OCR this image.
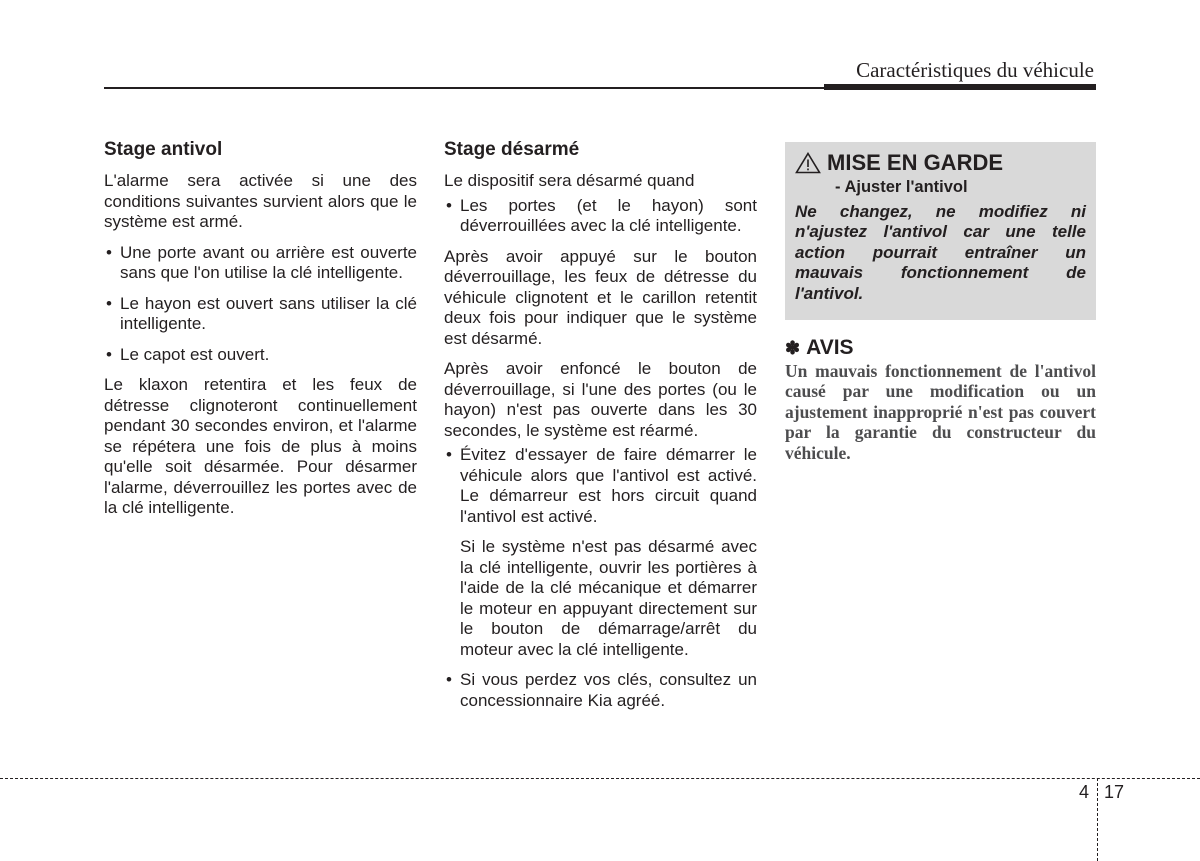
Caractéristiques du véhicule
Stage antivol

L'alarme sera activée si une des conditions suivantes survient alors que le système est armé.

• Une porte avant ou arrière est ouverte sans que l'on utilise la clé intelligente.
• Le hayon est ouvert sans utiliser la clé intelligente.
• Le capot est ouvert.

Le klaxon retentira et les feux de détresse clignoteront continuellement pendant 30 secondes environ, et l'alarme se répétera une fois de plus à moins qu'elle soit désarmée. Pour désarmer l'alarme, déverrouillez les portes avec de la clé intelligente.

Stage désarmé

Le dispositif sera désarmé quand

• Les portes (et le hayon) sont déverrouillées avec la clé intelligente.

Après avoir appuyé sur le bouton déverrouillage, les feux de détresse du véhicule clignotent et le carillon retentit deux fois pour indiquer que le système est désarmé.

Après avoir enfoncé le bouton de déverrouillage, si l'une des portes (ou le hayon) n'est pas ouverte dans les 30 secondes, le système est réarmé.

• Évitez d'essayer de faire démarrer le véhicule alors que l'antivol est activé. Le démarreur est hors circuit quand l'antivol est activé.
Si le système n'est pas désarmé avec la clé intelligente, ouvrir les portières à l'aide de la clé mécanique et démarrer le moteur en appuyant directement sur le bouton de démarrage/arrêt du moteur avec la clé intelligente.
• Si vous perdez vos clés, consultez un concessionnaire Kia agréé.
MISE EN GARDE
- Ajuster l'antivol

Ne changez, ne modifiez ni n'ajustez l'antivol car une telle action pourrait entraîner un mauvais fonctionnement de l'antivol.

✽ AVIS

Un mauvais fonctionnement de l'antivol causé par une modification ou un ajustement inapproprié n'est pas couvert par la garantie du constructeur du véhicule.

4 17
